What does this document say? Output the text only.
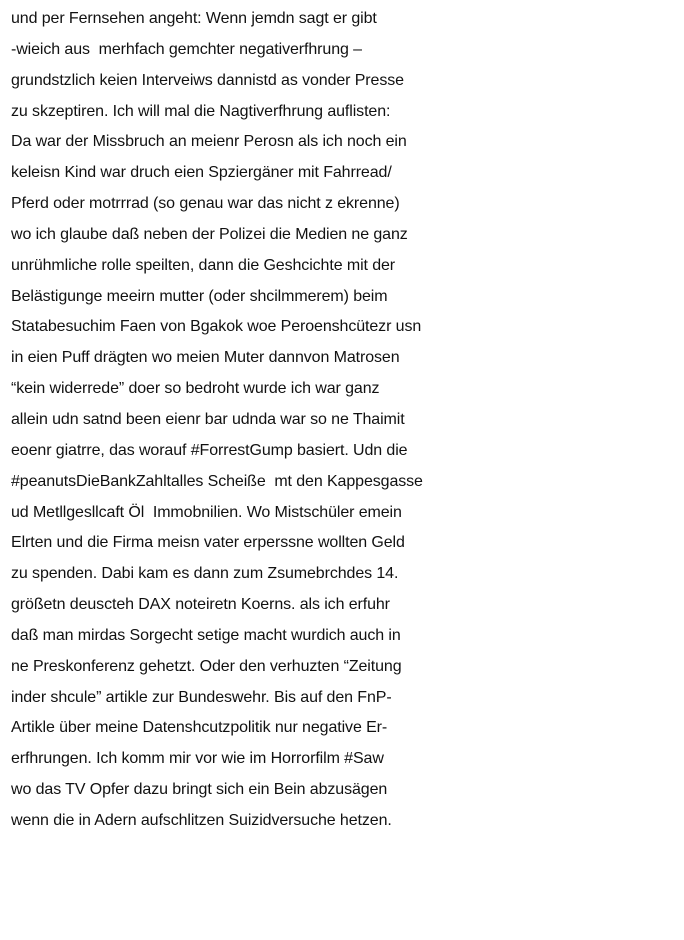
und per Fernsehen angeht: Wenn jemdn sagt er gibt
-wieich aus  merhfach gemchter negativerfhrung –
grundstzlich keien Interveiws dannistd as vonder Presse
zu skzeptiren. Ich will mal die Nagtiverfhrung auflisten:
Da war der Missbruch an meienr Perosn als ich noch ein
keleisn Kind war druch eien Spziergäner mit Fahrread/
Pferd oder motrrrad (so genau war das nicht z ekrenne)
wo ich glaube daß neben der Polizei die Medien ne ganz
unrühmliche rolle speilten, dann die Geshcichte mit der
Belästigunge meeirn mutter (oder shcilmmerem) beim
Statabesuchim Faen von Bgakok woe Peroenshcütezr usn
in eien Puff drägten wo meien Muter dannvon Matrosen
“kein widerrede” doer so bedroht wurde ich war ganz
allein udn satnd been eienr bar udnda war so ne Thaimit
eoenr giatrre, das worauf #ForrestGump basiert. Udn die
#peanutsDieBankZahltalles Scheiße  mt den Kappesgasse
ud Metllgesllcaft Öl  Immobnilien. Wo Mistschüler emein
Elrten und die Firma meisn vater erperssne wollten Geld
zu spenden. Dabi kam es dann zum Zsumebrchdes 14.
größetn deuscteh DAX noteiretn Koerns. als ich erfuhr
daß man mirdas Sorgecht setige macht wurdich auch in
ne Preskonferenz gehetzt. Oder den verhuzten “Zeitung
inder shcule” artikle zur Bundeswehr. Bis auf den FnP-
Artikle über meine Datenshcutzpolitik nur negative Er-
erfhrungen. Ich komm mir vor wie im Horrorfilm #Saw
wo das TV Opfer dazu bringt sich ein Bein abzusägen
wenn die in Adern aufschlitzen Suizidversuche hetzen.
